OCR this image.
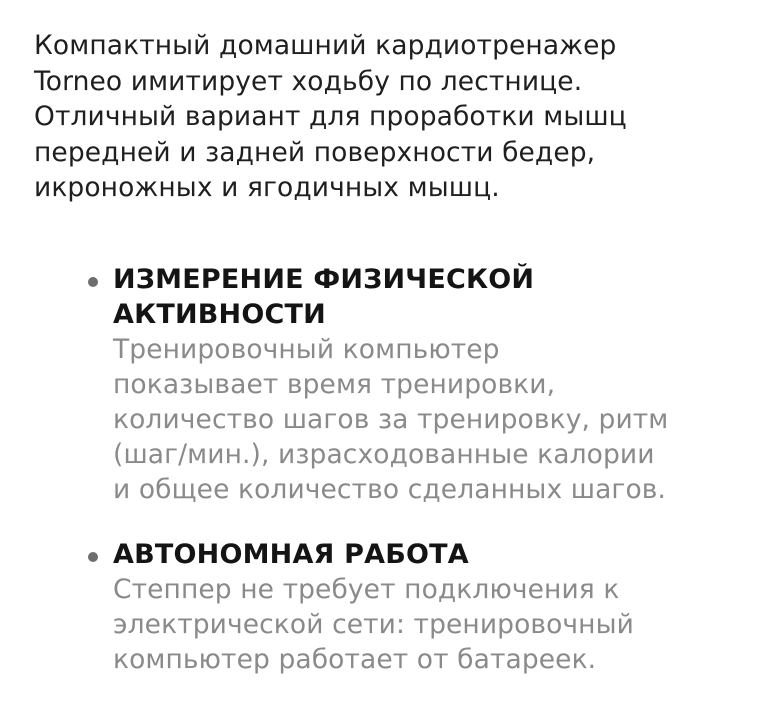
Компактный домашний кардиотренажер
Torneo имитирует ходьбу по лестнице.
Отличный вариант для проработки мышц
передней и задней поверхности бедер,
икроножных и ягодичных мышц.

ИЗМЕРЕНИЕ ФИЗИЧЕСКОЙ
АКТИВНОСТИ

Тренировочный компьютер
показывает время тренировки,
количество шагов за тренировку, ритм
(шаг/мин.), израсходованные калории
и общее количество сделанных шагов.

АВТОНОМНАЯ РАБОТА

Степпер не требует подключения к
электрической сети: тренировочный
компьютер работает от батареек.
